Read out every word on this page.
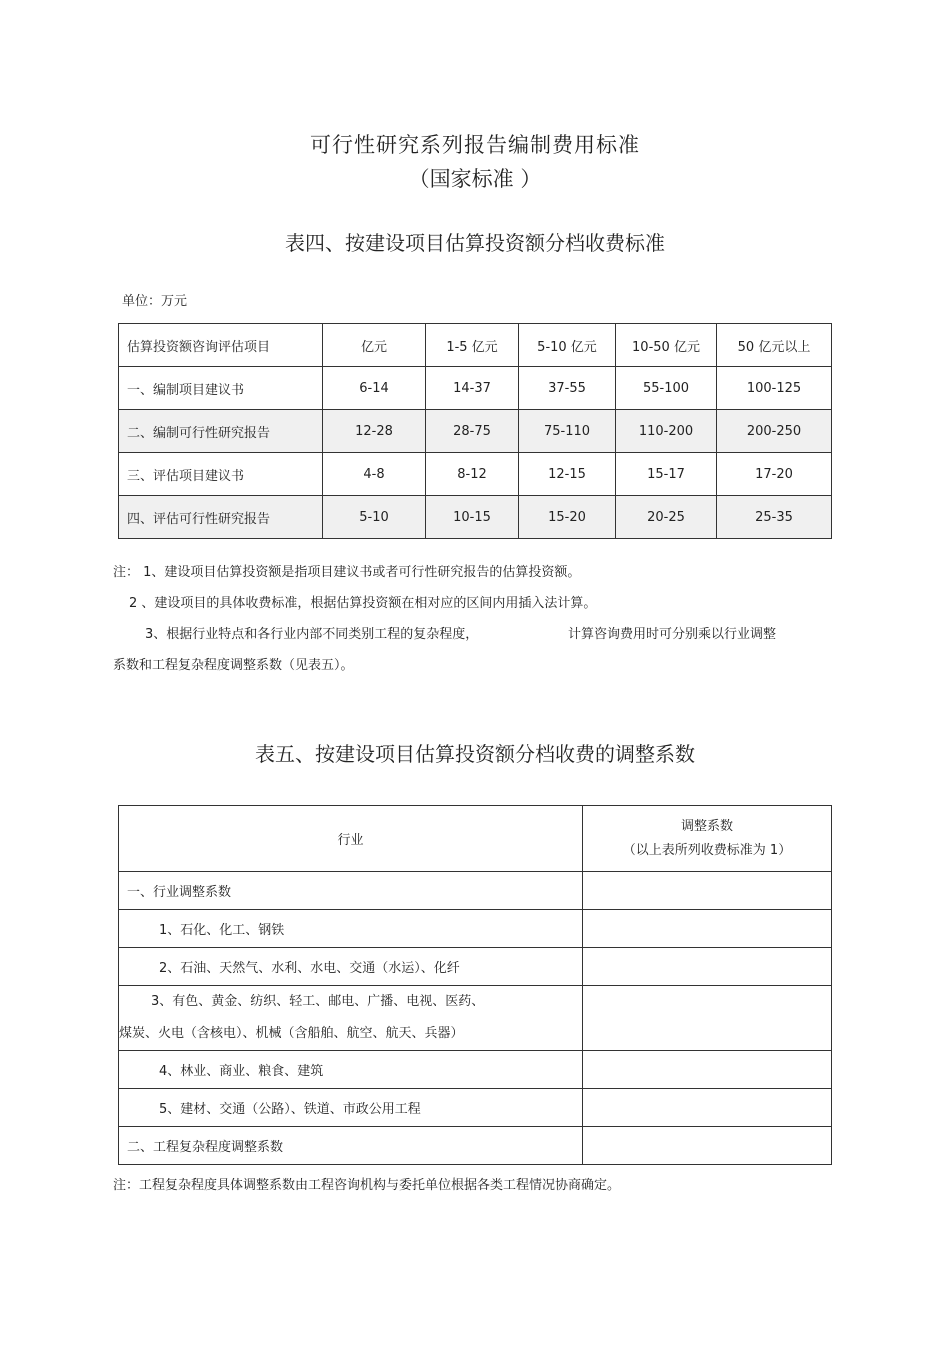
可行性研究系列报告编制费用标准
（国家标准 ）
表四、按建设项目估算投资额分档收费标准
单位：万元
估算投资额咨询评估项目	亿元	1-5 亿元	5-10 亿元	10-50 亿元	50 亿元以上
一、编制项目建议书	6-14	14-37	37-55	55-100	100-125
二、编制可行性研究报告	12-28	28-75	75-110	110-200	200-250
三、评估项目建议书	4-8	8-12	12-15	15-17	17-20
四、评估可行性研究报告	5-10	10-15	15-20	20-25	25-35
注： 1、建设项目估算投资额是指项目建议书或者可行性研究报告的估算投资额。
2 、建设项目的具体收费标准，根据估算投资额在相对应的区间内用插入法计算。
3、根据行业特点和各行业内部不同类别工程的复杂程度，	计算咨询费用时可分别乘以行业调整
系数和工程复杂程度调整系数（见表五）。
表五、按建设项目估算投资额分档收费的调整系数
行业	调整系数
（以上表所列收费标准为 1）

一、行业调整系数	
1、石化、化工、钢铁	
2、石油、天然气、水利、水电、交通（水运）、化纤	

3、有色、黄金、纺织、轻工、邮电、广播、电视、医药、
煤炭、火电（含核电）、机械（含船舶、航空、航天、兵器）	

4、林业、商业、粮食、建筑	
5、建材、交通（公路）、铁道、市政公用工程	
二、工程复杂程度调整系数	
注：工程复杂程度具体调整系数由工程咨询机构与委托单位根据各类工程情况协商确定。
